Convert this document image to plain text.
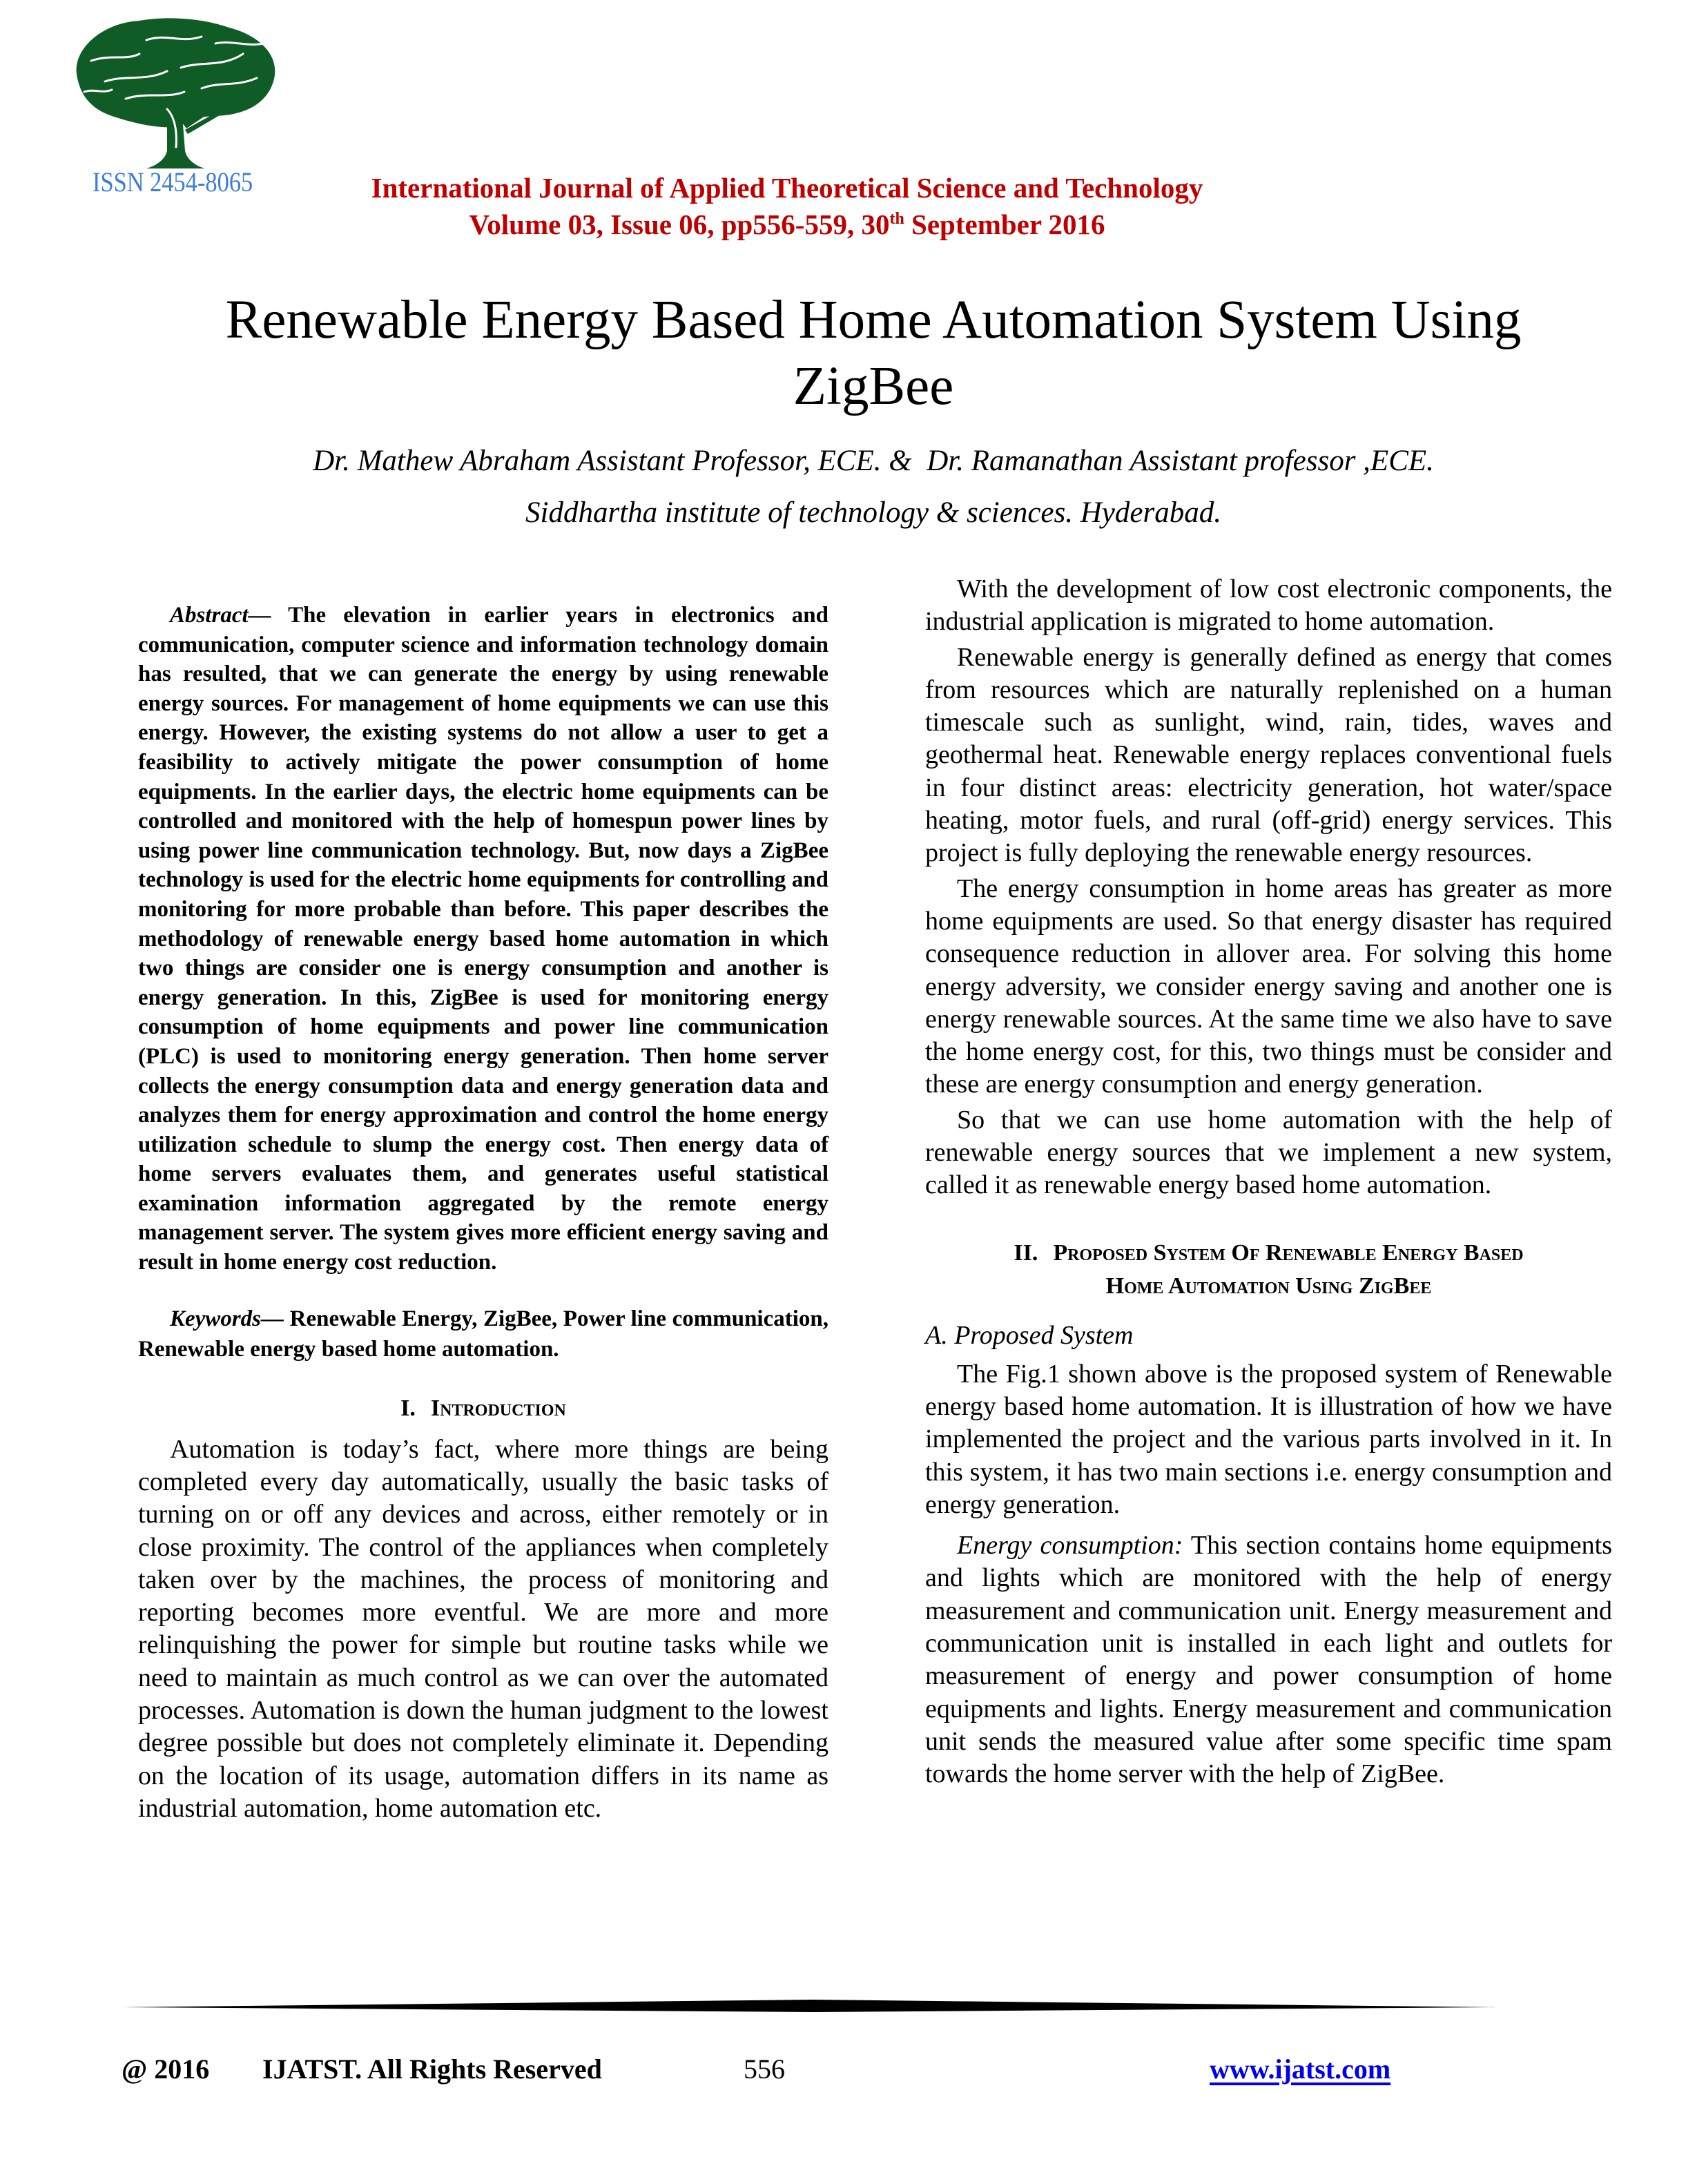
ISSN 2454-8065	International Journal of Applied Theoretical Science and Technology
Volume 03, Issue 06, pp556-559, 30th September 2016
Renewable Energy Based Home Automation System Using
ZigBee
Dr. Mathew Abraham Assistant Professor, ECE. &  Dr. Ramanathan Assistant professor ,ECE.
Siddhartha institute of technology & sciences. Hyderabad.

Abstract— The elevation in earlier years in electronics and communication, computer science and information technology domain has resulted, that we can generate the energy by using renewable energy sources. For management of home equipments we can use this energy. However, the existing systems do not allow a user to get a feasibility to actively mitigate the power consumption of home equipments. In the earlier days, the electric home equipments can be controlled and monitored with the help of homespun power lines by using power line communication technology. But, now days a ZigBee technology is used for the electric home equipments for controlling and monitoring for more probable than before. This paper describes the methodology of renewable energy based home automation in which two things are consider one is energy consumption and another is energy generation. In this, ZigBee is used for monitoring energy consumption of home equipments and power line communication (PLC) is used to monitoring energy generation. Then home server collects the energy consumption data and energy generation data and analyzes them for energy approximation and control the home energy utilization schedule to slump the energy cost. Then energy data of home servers evaluates them, and generates useful statistical examination information aggregated by the remote energy management server. The system gives more efficient energy saving and result in home energy cost reduction.

Keywords— Renewable Energy, ZigBee, Power line communication, Renewable energy based home automation.

I. Introduction

Automation is today’s fact, where more things are being completed every day automatically, usually the basic tasks of turning on or off any devices and across, either remotely or in close proximity. The control of the appliances when completely taken over by the machines, the process of monitoring and reporting becomes more eventful. We are more and more relinquishing the power for simple but routine tasks while we need to maintain as much control as we can over the automated processes. Automation is down the human judgment to the lowest degree possible but does not completely eliminate it. Depending on the location of its usage, automation differs in its name as industrial automation, home automation etc.

With the development of low cost electronic components, the industrial application is migrated to home automation.

Renewable energy is generally defined as energy that comes from resources which are naturally replenished on a human timescale such as sunlight, wind, rain, tides, waves and geothermal heat. Renewable energy replaces conventional fuels in four distinct areas: electricity generation, hot water/space heating, motor fuels, and rural (off-grid) energy services. This project is fully deploying the renewable energy resources.

The energy consumption in home areas has greater as more home equipments are used. So that energy disaster has required consequence reduction in allover area. For solving this home energy adversity, we consider energy saving and another one is energy renewable sources. At the same time we also have to save the home energy cost, for this, two things must be consider and these are energy consumption and energy generation.

So that we can use home automation with the help of renewable energy sources that we implement a new system, called it as renewable energy based home automation.

II. Proposed System Of Renewable Energy Based
Home Automation Using ZigBee

A. Proposed System

The Fig.1 shown above is the proposed system of Renewable energy based home automation. It is illustration of how we have implemented the project and the various parts involved in it. In this system, it has two main sections i.e. energy consumption and energy generation.

Energy consumption: This section contains home equipments and lights which are monitored with the help of energy measurement and communication unit. Energy measurement and communication unit is installed in each light and outlets for measurement of energy and power consumption of home equipments and lights. Energy measurement and communication unit sends the measured value after some specific time spam towards the home server with the help of ZigBee.

@ 2016 IJATST. All Rights Reserved	556	www.ijatst.com
